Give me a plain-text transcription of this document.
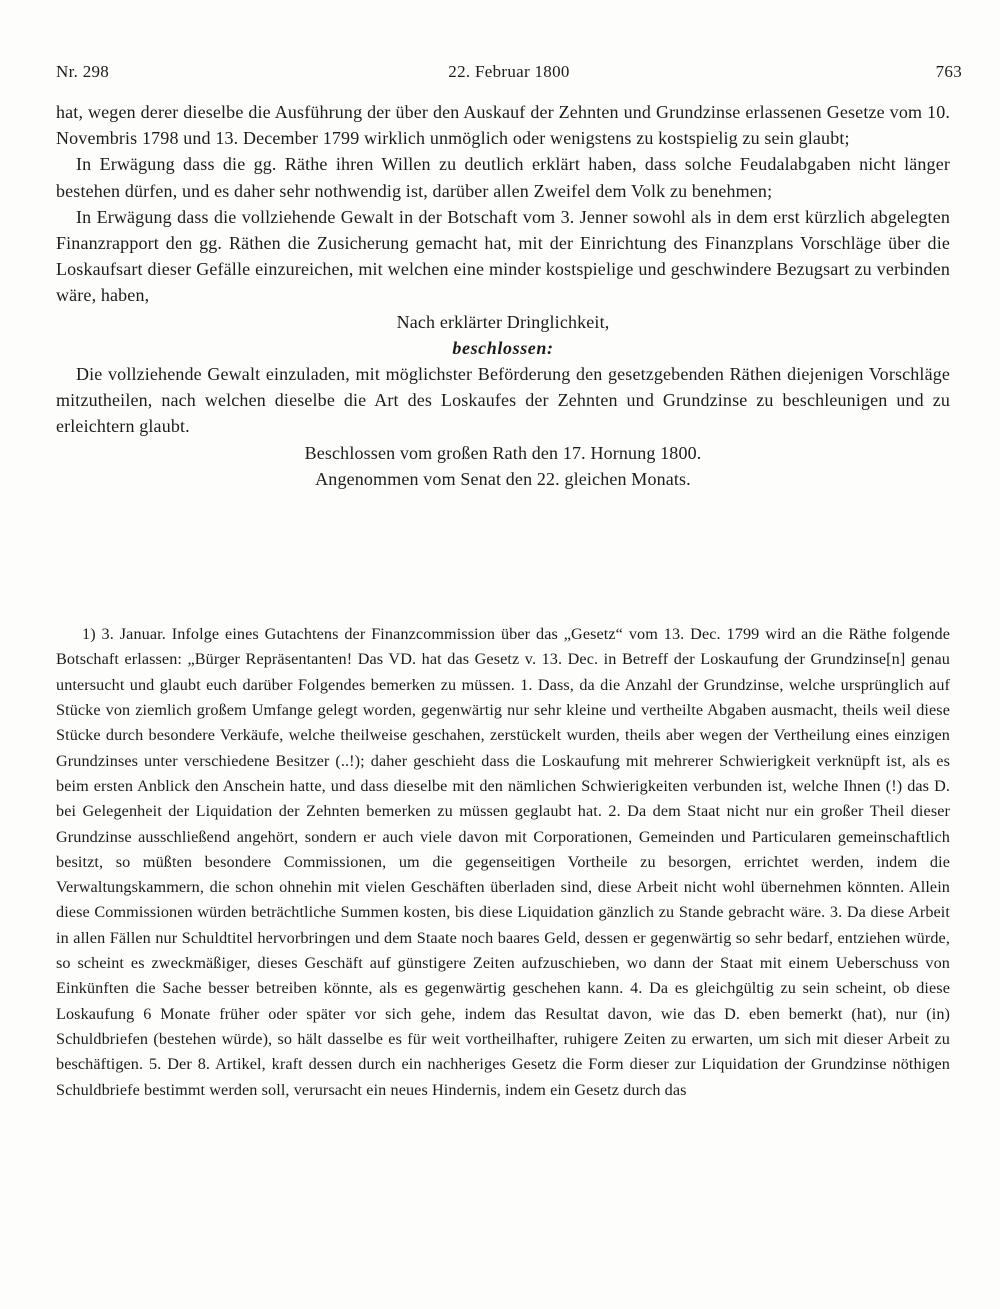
Nr. 298	22. Februar 1800	763

hat, wegen derer dieselbe die Ausführung der über den Auskauf der Zehnten und Grundzinse erlassenen Gesetze vom 10. Novembris 1798 und 13. December 1799 wirklich unmöglich oder wenigstens zu kostspielig zu sein glaubt;

In Erwägung dass die gg. Räthe ihren Willen zu deutlich erklärt haben, dass solche Feudalabgaben nicht länger bestehen dürfen, und es daher sehr nothwendig ist, darüber allen Zweifel dem Volk zu benehmen;

In Erwägung dass die vollziehende Gewalt in der Botschaft vom 3. Jenner sowohl als in dem erst kürzlich abgelegten Finanzrapport den gg. Räthen die Zusicherung gemacht hat, mit der Einrichtung des Finanzplans Vorschläge über die Loskaufsart dieser Gefälle einzureichen, mit welchen eine minder kostspielige und geschwindere Bezugsart zu verbinden wäre, haben,

Nach erklärter Dringlichkeit,

beschlossen:

Die vollziehende Gewalt einzuladen, mit möglichster Beförderung den gesetzgebenden Räthen diejenigen Vorschläge mitzutheilen, nach welchen dieselbe die Art des Loskaufes der Zehnten und Grundzinse zu beschleunigen und zu erleichtern glaubt.

Beschlossen vom großen Rath den 17. Hornung 1800.

Angenommen vom Senat den 22. gleichen Monats.

1) 3. Januar. Infolge eines Gutachtens der Finanzcommission über das „Gesetz“ vom 13. Dec. 1799 wird an die Räthe folgende Botschaft erlassen: „Bürger Repräsentanten! Das VD. hat das Gesetz v. 13. Dec. in Betreff der Loskaufung der Grundzinse[n] genau untersucht und glaubt euch darüber Folgendes bemerken zu müssen. 1. Dass, da die Anzahl der Grundzinse, welche ursprünglich auf Stücke von ziemlich großem Umfange gelegt worden, gegenwärtig nur sehr kleine und vertheilte Abgaben ausmacht, theils weil diese Stücke durch besondere Verkäufe, welche theilweise geschahen, zerstückelt wurden, theils aber wegen der Vertheilung eines einzigen Grundzinses unter verschiedene Besitzer (..!); daher geschieht dass die Loskaufung mit mehrerer Schwierigkeit verknüpft ist, als es beim ersten Anblick den Anschein hatte, und dass dieselbe mit den nämlichen Schwierigkeiten verbunden ist, welche Ihnen (!) das D. bei Gelegenheit der Liquidation der Zehnten bemerken zu müssen geglaubt hat. 2. Da dem Staat nicht nur ein großer Theil dieser Grundzinse ausschließend angehört, sondern er auch viele davon mit Corporationen, Gemeinden und Particularen gemeinschaftlich besitzt, so müßten besondere Commissionen, um die gegenseitigen Vortheile zu besorgen, errichtet werden, indem die Verwaltungskammern, die schon ohnehin mit vielen Geschäften überladen sind, diese Arbeit nicht wohl übernehmen könnten. Allein diese Commissionen würden beträchtliche Summen kosten, bis diese Liquidation gänzlich zu Stande gebracht wäre. 3. Da diese Arbeit in allen Fällen nur Schuldtitel hervorbringen und dem Staate noch baares Geld, dessen er gegenwärtig so sehr bedarf, entziehen würde, so scheint es zweckmäßiger, dieses Geschäft auf günstigere Zeiten aufzuschieben, wo dann der Staat mit einem Ueberschuss von Einkünften die Sache besser betreiben könnte, als es gegenwärtig geschehen kann. 4. Da es gleichgültig zu sein scheint, ob diese Loskaufung 6 Monate früher oder später vor sich gehe, indem das Resultat davon, wie das D. eben bemerkt (hat), nur (in) Schuldbriefen (bestehen würde), so hält dasselbe es für weit vortheilhafter, ruhigere Zeiten zu erwarten, um sich mit dieser Arbeit zu beschäftigen. 5. Der 8. Artikel, kraft dessen durch ein nachheriges Gesetz die Form dieser zur Liquidation der Grundzinse nöthigen Schuldbriefe bestimmt werden soll, verursacht ein neues Hindernis, indem ein Gesetz durch das
